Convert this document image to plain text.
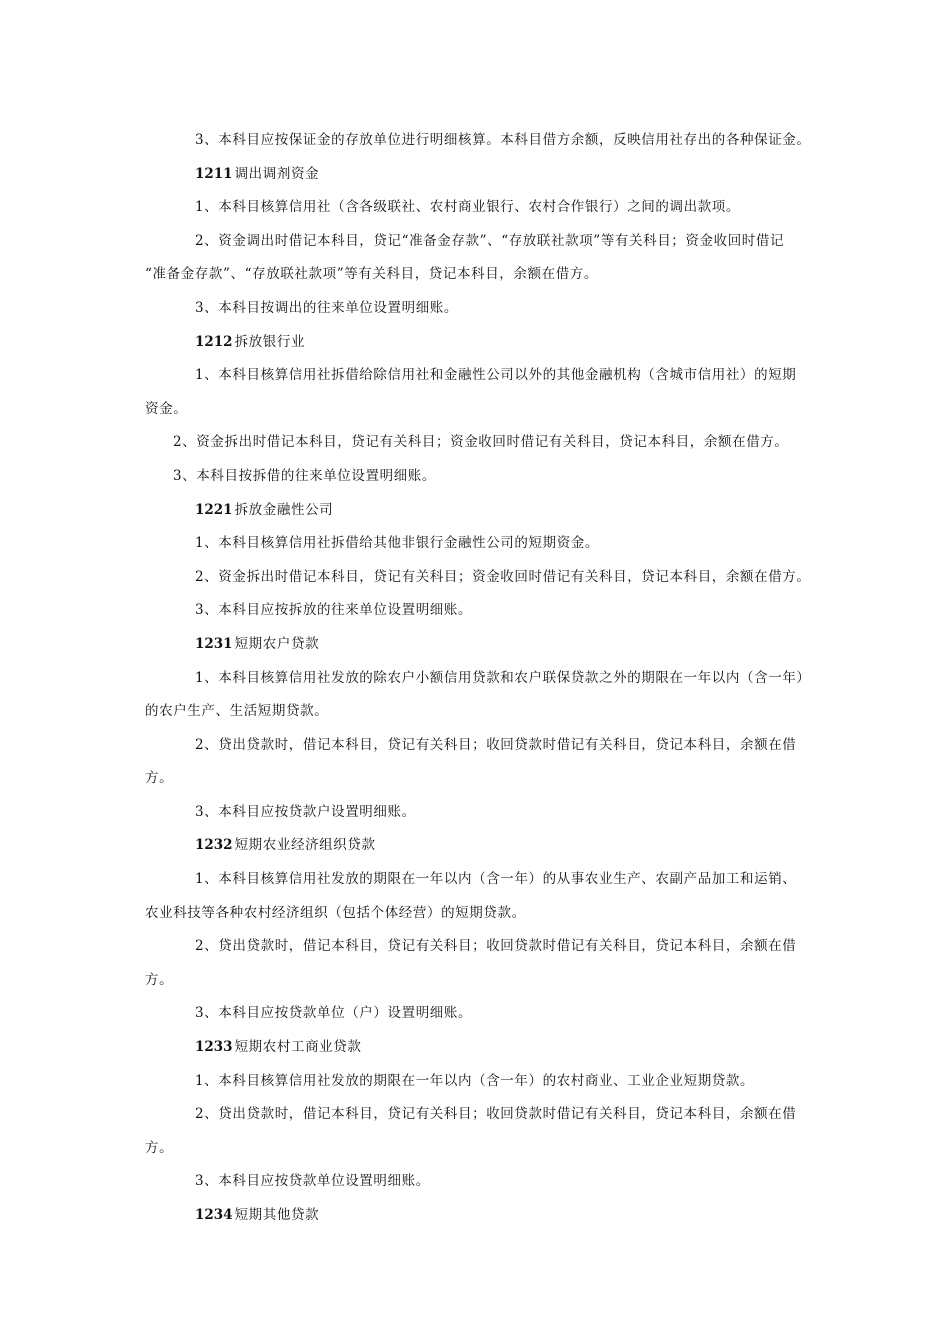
3、本科目应按保证金的存放单位进行明细核算。本科目借方余额，反映信用社存出的各种保证金。
1211 调出调剂资金
1、本科目核算信用社（含各级联社、农村商业银行、农村合作银行）之间的调出款项。
2、资金调出时借记本科目，贷记“准备金存款”、“存放联社款项”等有关科目；资金收回时借记
“准备金存款”、“存放联社款项”等有关科目，贷记本科目，余额在借方。
3、本科目按调出的往来单位设置明细账。
1212 拆放银行业
1、本科目核算信用社拆借给除信用社和金融性公司以外的其他金融机构（含城市信用社）的短期
资金。
2、资金拆出时借记本科目，贷记有关科目；资金收回时借记有关科目，贷记本科目，余额在借方。
3、本科目按拆借的往来单位设置明细账。
1221 拆放金融性公司
1、本科目核算信用社拆借给其他非银行金融性公司的短期资金。
2、资金拆出时借记本科目，贷记有关科目；资金收回时借记有关科目，贷记本科目，余额在借方。
3、本科目应按拆放的往来单位设置明细账。
1231 短期农户贷款
1、本科目核算信用社发放的除农户小额信用贷款和农户联保贷款之外的期限在一年以内（含一年）
的农户生产、生活短期贷款。
2、贷出贷款时，借记本科目，贷记有关科目；收回贷款时借记有关科目，贷记本科目，余额在借
方。
3、本科目应按贷款户设置明细账。
1232 短期农业经济组织贷款
1、本科目核算信用社发放的期限在一年以内（含一年）的从事农业生产、农副产品加工和运销、
农业科技等各种农村经济组织（包括个体经营）的短期贷款。
2、贷出贷款时，借记本科目，贷记有关科目；收回贷款时借记有关科目，贷记本科目，余额在借
方。
3、本科目应按贷款单位（户）设置明细账。
1233 短期农村工商业贷款
1、本科目核算信用社发放的期限在一年以内（含一年）的农村商业、工业企业短期贷款。
2、贷出贷款时，借记本科目，贷记有关科目；收回贷款时借记有关科目，贷记本科目，余额在借
方。
3、本科目应按贷款单位设置明细账。
1234 短期其他贷款
